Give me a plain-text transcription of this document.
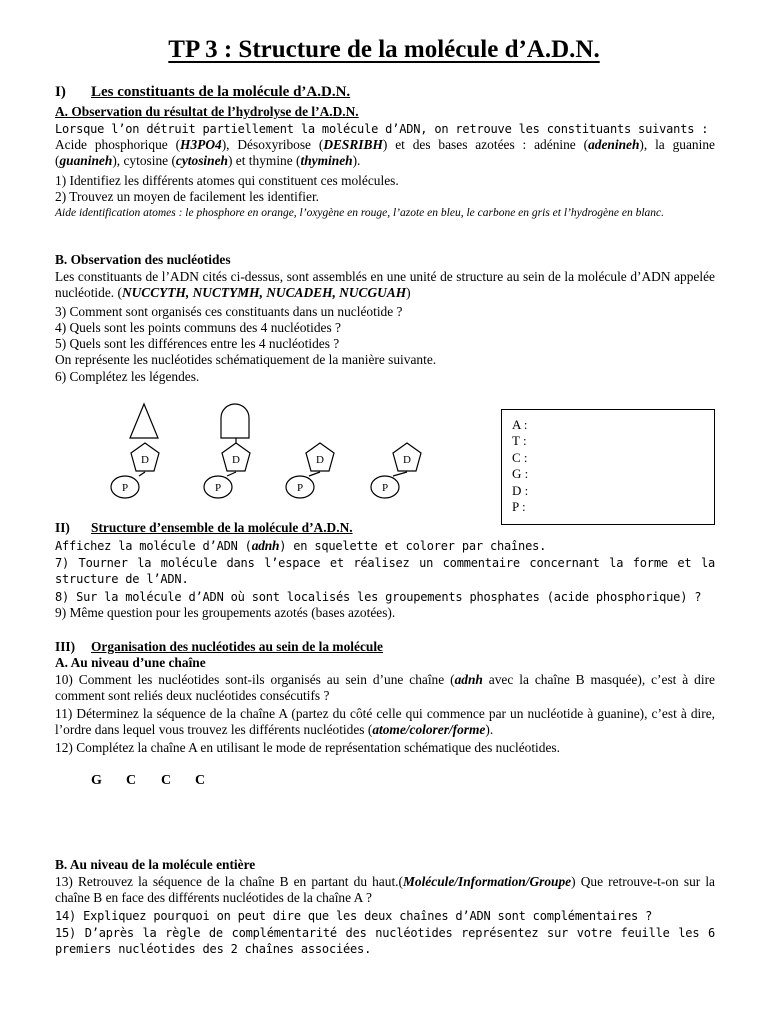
TP 3 : Structure de la molécule d’A.D.N.
I) Les constituants de la molécule d’A.D.N.
A. Observation du résultat de l’hydrolyse de l’A.D.N.
Lorsque l’on détruit partiellement la molécule d’ADN, on retrouve les constituants suivants :
Acide phosphorique (H3PO4), Désoxyribose (DESRIBH) et des bases azotées : adénine (adenineh), la guanine (guanineh), cytosine (cytosineh) et thymine (thymineh).
1) Identifiez les différents atomes qui constituent ces molécules.
2) Trouvez un moyen de facilement les identifier.
Aide identification atomes : le phosphore en orange, l’oxygène en rouge, l’azote en bleu, le carbone en gris et l’hydrogène en blanc.
B. Observation des nucléotides
Les constituants de l’ADN cités ci-dessus, sont assemblés en une unité de structure au sein de la molécule d’ADN appelée nucléotide. (NUCCYTH, NUCTYMH, NUCADEH, NUCGUAH)
3) Comment sont organisés ces constituants dans un nucléotide ?
4) Quels sont les points communs des 4 nucléotides ?
5) Quels sont les différences entre les 4 nucléotides ?
On représente les nucléotides schématiquement de la manière suivante.
6) Complétez les légendes.
D
P
D
P
D
P
D
P
A :
T :
C :
G :
D :
P :
II) Structure d’ensemble de la molécule d’A.D.N.
Affichez la molécule d’ADN (adnh) en squelette et colorer par chaînes.
7) Tourner la molécule dans l’espace et réalisez un commentaire concernant la forme et la structure de l’ADN.
8) Sur la molécule d’ADN où sont localisés les groupements phosphates (acide phosphorique) ?
9) Même question pour les groupements azotés (bases azotées).
III) Organisation des nucléotides au sein de la molécule
A. Au niveau d’une chaîne
10) Comment les nucléotides sont-ils organisés au sein d’une chaîne (adnh avec la chaîne B masquée), c’est à dire comment sont reliés deux nucléotides consécutifs ?
11) Déterminez la séquence de la chaîne A (partez du côté celle qui commence par un nucléotide à guanine), c’est à dire, l’ordre dans lequel vous trouvez les différents nucléotides (atome/colorer/forme).
12) Complétez la chaîne A en utilisant le mode de représentation schématique des nucléotides.
G C C C
B. Au niveau de la molécule entière
13) Retrouvez la séquence de la chaîne B en partant du haut.(Molécule/Information/Groupe) Que retrouve-t-on sur la chaîne B en face des différents nucléotides de la chaîne A ?
14) Expliquez pourquoi on peut dire que les deux chaînes d’ADN sont complémentaires ?
15) D’après la règle de complémentarité des nucléotides représentez sur votre feuille les 6 premiers nucléotides des 2 chaînes associées.
